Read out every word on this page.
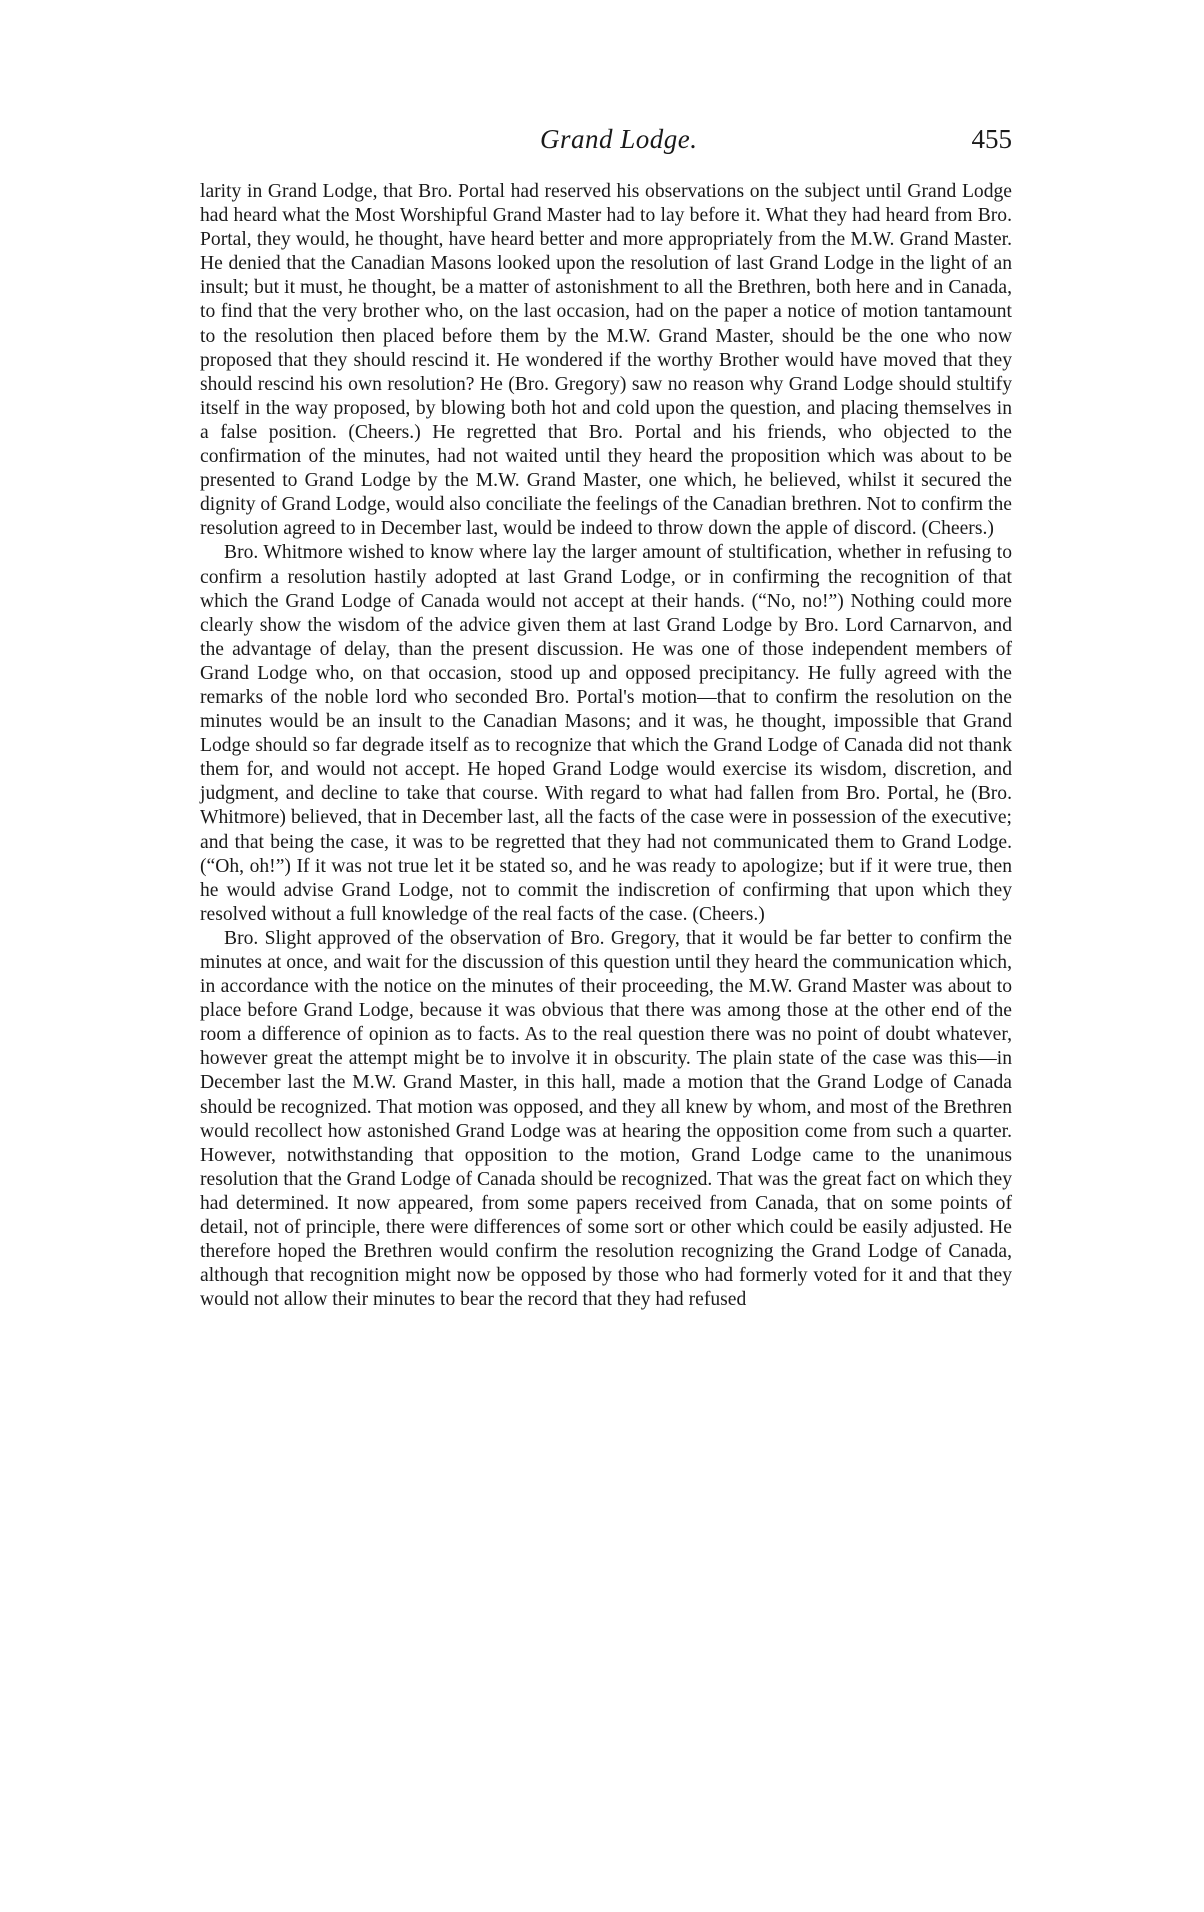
Grand Lodge.	455

larity in Grand Lodge, that Bro. Portal had reserved his observations on the subject until Grand Lodge had heard what the Most Worshipful Grand Master had to lay before it. What they had heard from Bro. Portal, they would, he thought, have heard better and more appropriately from the M.W. Grand Master. He denied that the Canadian Masons looked upon the resolution of last Grand Lodge in the light of an insult; but it must, he thought, be a matter of astonishment to all the Brethren, both here and in Canada, to find that the very brother who, on the last occasion, had on the paper a notice of motion tantamount to the resolution then placed before them by the M.W. Grand Master, should be the one who now proposed that they should rescind it. He wondered if the worthy Brother would have moved that they should rescind his own resolution? He (Bro. Gregory) saw no reason why Grand Lodge should stultify itself in the way proposed, by blowing both hot and cold upon the question, and placing themselves in a false position. (Cheers.) He regretted that Bro. Portal and his friends, who objected to the confirmation of the minutes, had not waited until they heard the proposition which was about to be presented to Grand Lodge by the M.W. Grand Master, one which, he believed, whilst it secured the dignity of Grand Lodge, would also conciliate the feelings of the Canadian brethren. Not to confirm the resolution agreed to in December last, would be indeed to throw down the apple of discord. (Cheers.)

Bro. Whitmore wished to know where lay the larger amount of stultification, whether in refusing to confirm a resolution hastily adopted at last Grand Lodge, or in confirming the recognition of that which the Grand Lodge of Canada would not accept at their hands. (“No, no!”) Nothing could more clearly show the wisdom of the advice given them at last Grand Lodge by Bro. Lord Carnarvon, and the advantage of delay, than the present discussion. He was one of those independent members of Grand Lodge who, on that occasion, stood up and opposed precipitancy. He fully agreed with the remarks of the noble lord who seconded Bro. Portal's motion—that to confirm the resolution on the minutes would be an insult to the Canadian Masons; and it was, he thought, impossible that Grand Lodge should so far degrade itself as to recognize that which the Grand Lodge of Canada did not thank them for, and would not accept. He hoped Grand Lodge would exercise its wisdom, discretion, and judgment, and decline to take that course. With regard to what had fallen from Bro. Portal, he (Bro. Whitmore) believed, that in December last, all the facts of the case were in possession of the executive; and that being the case, it was to be regretted that they had not communicated them to Grand Lodge. (“Oh, oh!”) If it was not true let it be stated so, and he was ready to apologize; but if it were true, then he would advise Grand Lodge, not to commit the indiscretion of confirming that upon which they resolved without a full knowledge of the real facts of the case. (Cheers.)

Bro. Slight approved of the observation of Bro. Gregory, that it would be far better to confirm the minutes at once, and wait for the discussion of this question until they heard the communication which, in accordance with the notice on the minutes of their proceeding, the M.W. Grand Master was about to place before Grand Lodge, because it was obvious that there was among those at the other end of the room a difference of opinion as to facts. As to the real question there was no point of doubt whatever, however great the attempt might be to involve it in obscurity. The plain state of the case was this—in December last the M.W. Grand Master, in this hall, made a motion that the Grand Lodge of Canada should be recognized. That motion was opposed, and they all knew by whom, and most of the Brethren would recollect how astonished Grand Lodge was at hearing the opposition come from such a quarter. However, notwithstanding that opposition to the motion, Grand Lodge came to the unanimous resolution that the Grand Lodge of Canada should be recognized. That was the great fact on which they had determined. It now appeared, from some papers received from Canada, that on some points of detail, not of principle, there were differences of some sort or other which could be easily adjusted. He therefore hoped the Brethren would confirm the resolution recognizing the Grand Lodge of Canada, although that recognition might now be opposed by those who had formerly voted for it and that they would not allow their minutes to bear the record that they had refused
